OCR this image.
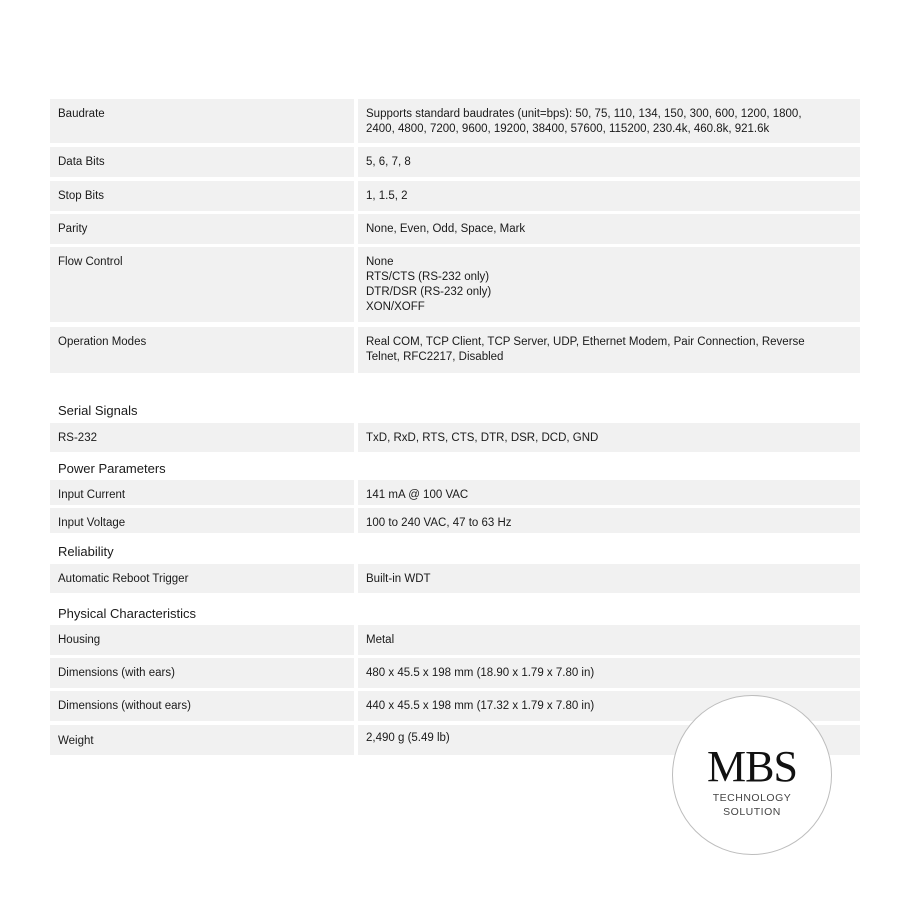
Baudrate	Supports standard baudrates (unit=bps): 50, 75, 110, 134, 150, 300, 600, 1200, 1800,
2400, 4800, 7200, 9600, 19200, 38400, 57600, 115200, 230.4k, 460.8k, 921.6k
Data Bits	5, 6, 7, 8
Stop Bits	1, 1.5, 2
Parity	None, Even, Odd, Space, Mark
Flow Control	None
RTS/CTS (RS-232 only)
DTR/DSR (RS-232 only)
XON/XOFF
Operation Modes	Real COM, TCP Client, TCP Server, UDP, Ethernet Modem, Pair Connection, Reverse
Telnet, RFC2217, Disabled
Serial Signals
RS-232	TxD, RxD, RTS, CTS, DTR, DSR, DCD, GND
Power Parameters
Input Current	141 mA @ 100 VAC
Input Voltage	100 to 240 VAC, 47 to 63 Hz
Reliability
Automatic Reboot Trigger	Built-in WDT
Physical Characteristics
Housing	Metal
Dimensions (with ears)	480 x 45.5 x 198 mm (18.90 x 1.79 x 7.80 in)
Dimensions (without ears)	440 x 45.5 x 198 mm (17.32 x 1.79 x 7.80 in)
Weight	2,490 g (5.49 lb)
MBS
TECHNOLOGY
SOLUTION
